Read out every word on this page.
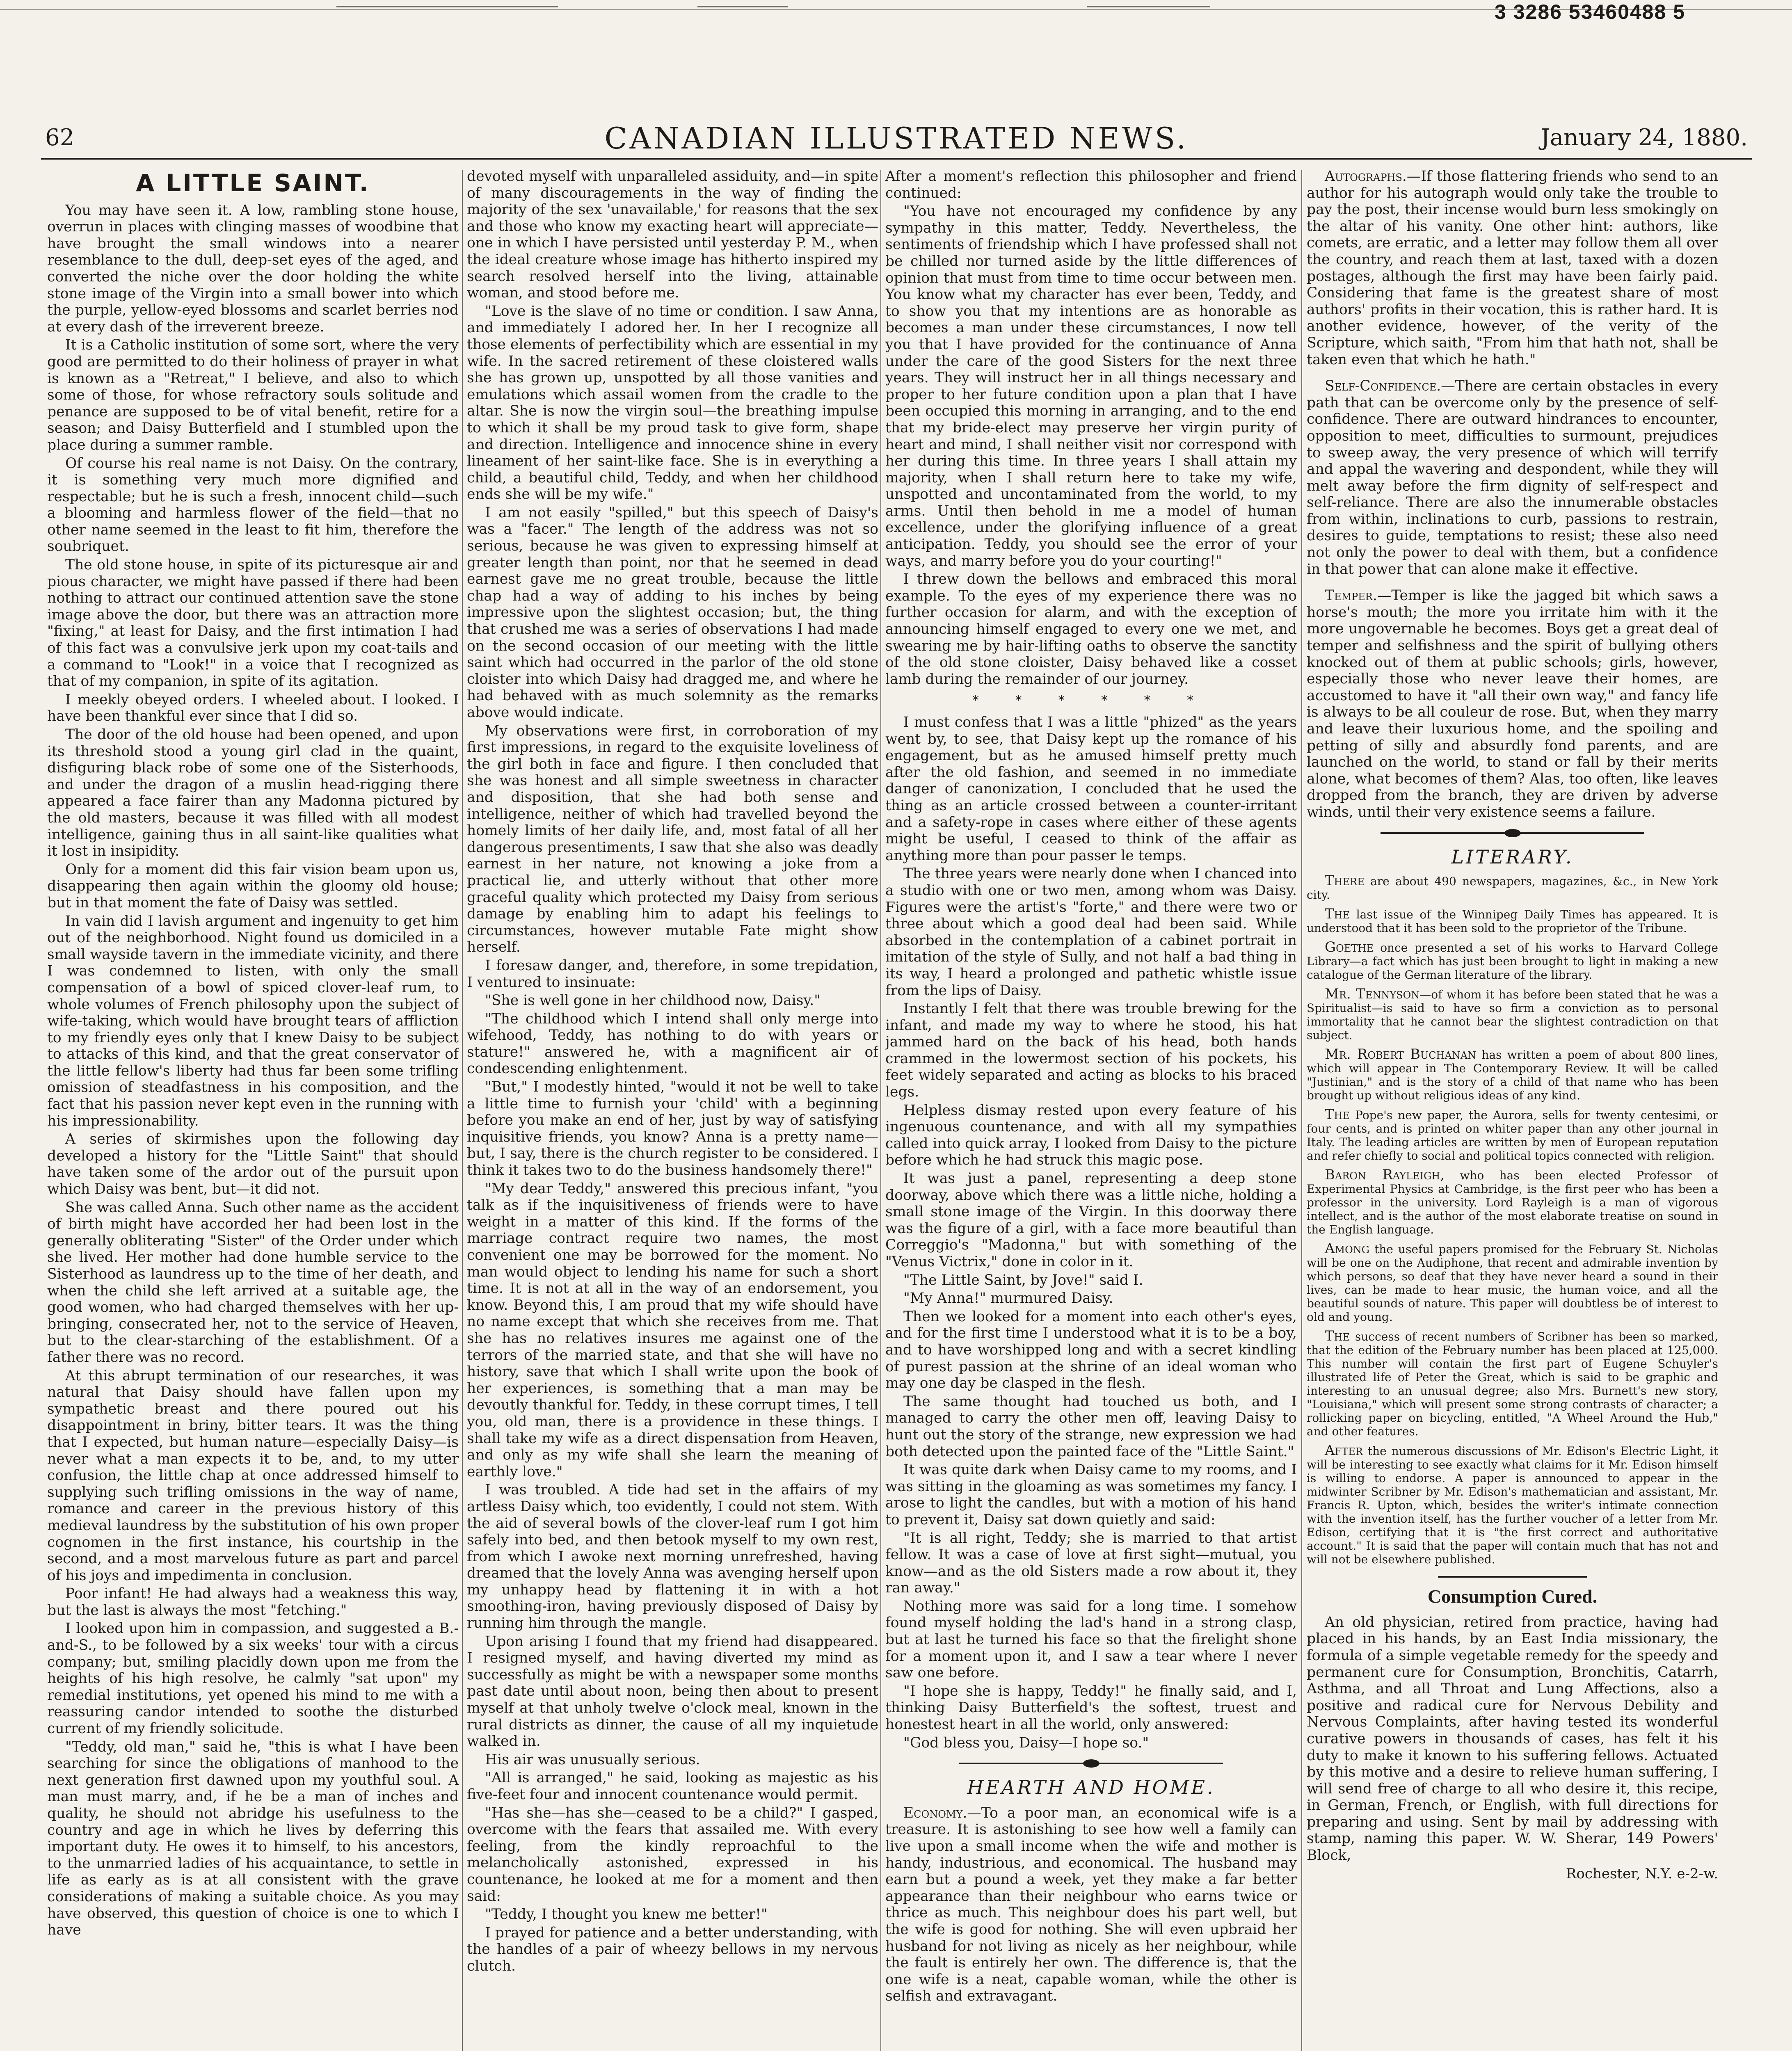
3 3286 53460488 5
CANADIAN ILLUSTRATED NEWS.
62	January 24, 1880.
A LITTLE SAINT.

You may have seen it. A low, rambling stone house, overrun in places with clinging masses of woodbine that have brought the small windows into a nearer resemblance to the dull, deep-set eyes of the aged, and converted the niche over the door holding the white stone image of the Virgin into a small bower into which the purple, yellow-eyed blossoms and scarlet berries nod at every dash of the irreverent breeze.

It is a Catholic institution of some sort, where the very good are permitted to do their holiness of prayer in what is known as a "Retreat," I believe, and also to which some of those, for whose refractory souls solitude and penance are supposed to be of vital benefit, retire for a season; and Daisy Butterfield and I stumbled upon the place during a summer ramble.

Of course his real name is not Daisy. On the contrary, it is something very much more dignified and respectable; but he is such a fresh, innocent child—such a blooming and harmless flower of the field—that no other name seemed in the least to fit him, therefore the soubriquet.

The old stone house, in spite of its picturesque air and pious character, we might have passed if there had been nothing to attract our continued attention save the stone image above the door, but there was an attraction more "fixing," at least for Daisy, and the first intimation I had of this fact was a convulsive jerk upon my coat-tails and a command to "Look!" in a voice that I recognized as that of my companion, in spite of its agitation.

I meekly obeyed orders. I wheeled about. I looked. I have been thankful ever since that I did so.

The door of the old house had been opened, and upon its threshold stood a young girl clad in the quaint, disfiguring black robe of some one of the Sisterhoods, and under the dragon of a muslin head-rigging there appeared a face fairer than any Madonna pictured by the old masters, because it was filled with all modest intelligence, gaining thus in all saint-like qualities what it lost in insipidity.

Only for a moment did this fair vision beam upon us, disappearing then again within the gloomy old house; but in that moment the fate of Daisy was settled.

In vain did I lavish argument and ingenuity to get him out of the neighborhood. Night found us domiciled in a small wayside tavern in the immediate vicinity, and there I was condemned to listen, with only the small compensation of a bowl of spiced clover-leaf rum, to whole volumes of French philosophy upon the subject of wife-taking, which would have brought tears of affliction to my friendly eyes only that I knew Daisy to be subject to attacks of this kind, and that the great conservator of the little fellow's liberty had thus far been some trifling omission of steadfastness in his composition, and the fact that his passion never kept even in the running with his impressionability.

A series of skirmishes upon the following day developed a history for the "Little Saint" that should have taken some of the ardor out of the pursuit upon which Daisy was bent, but—it did not.

She was called Anna. Such other name as the accident of birth might have accorded her had been lost in the generally obliterating "Sister" of the Order under which she lived. Her mother had done humble service to the Sisterhood as laundress up to the time of her death, and when the child she left arrived at a suitable age, the good women, who had charged themselves with her up-bringing, consecrated her, not to the service of Heaven, but to the clear-starching of the establishment. Of a father there was no record.

At this abrupt termination of our researches, it was natural that Daisy should have fallen upon my sympathetic breast and there poured out his disappointment in briny, bitter tears. It was the thing that I expected, but human nature—especially Daisy—is never what a man expects it to be, and, to my utter confusion, the little chap at once addressed himself to supplying such trifling omissions in the way of name, romance and career in the previous history of this medieval laundress by the substitution of his own proper cognomen in the first instance, his courtship in the second, and a most marvelous future as part and parcel of his joys and impedimenta in conclusion.

Poor infant! He had always had a weakness this way, but the last is always the most "fetching."

I looked upon him in compassion, and suggested a B.-and-S., to be followed by a six weeks' tour with a circus company; but, smiling placidly down upon me from the heights of his high resolve, he calmly "sat upon" my remedial institutions, yet opened his mind to me with a reassuring candor intended to soothe the disturbed current of my friendly solicitude.

"Teddy, old man," said he, "this is what I have been searching for since the obligations of manhood to the next generation first dawned upon my youthful soul. A man must marry, and, if he be a man of inches and quality, he should not abridge his usefulness to the country and age in which he lives by deferring this important duty. He owes it to himself, to his ancestors, to the unmarried ladies of his acquaintance, to settle in life as early as is at all consistent with the grave considerations of making a suitable choice. As you may have observed, this question of choice is one to which I have

devoted myself with unparalleled assiduity, and—in spite of many discouragements in the way of finding the majority of the sex 'unavailable,' for reasons that the sex and those who know my exacting heart will appreciate—one in which I have persisted until yesterday P. M., when the ideal creature whose image has hitherto inspired my search resolved herself into the living, attainable woman, and stood before me.

"Love is the slave of no time or condition. I saw Anna, and immediately I adored her. In her I recognize all those elements of perfectibility which are essential in my wife. In the sacred retirement of these cloistered walls she has grown up, unspotted by all those vanities and emulations which assail women from the cradle to the altar. She is now the virgin soul—the breathing impulse to which it shall be my proud task to give form, shape and direction. Intelligence and innocence shine in every lineament of her saint-like face. She is in everything a child, a beautiful child, Teddy, and when her childhood ends she will be my wife."

I am not easily "spilled," but this speech of Daisy's was a "facer." The length of the address was not so serious, because he was given to expressing himself at greater length than point, nor that he seemed in dead earnest gave me no great trouble, because the little chap had a way of adding to his inches by being impressive upon the slightest occasion; but, the thing that crushed me was a series of observations I had made on the second occasion of our meeting with the little saint which had occurred in the parlor of the old stone cloister into which Daisy had dragged me, and where he had behaved with as much solemnity as the remarks above would indicate.

My observations were first, in corroboration of my first impressions, in regard to the exquisite loveliness of the girl both in face and figure. I then concluded that she was honest and all simple sweetness in character and disposition, that she had both sense and intelligence, neither of which had travelled beyond the homely limits of her daily life, and, most fatal of all her dangerous presentiments, I saw that she also was deadly earnest in her nature, not knowing a joke from a practical lie, and utterly without that other more graceful quality which protected my Daisy from serious damage by enabling him to adapt his feelings to circumstances, however mutable Fate might show herself.

I foresaw danger, and, therefore, in some trepidation, I ventured to insinuate:

"She is well gone in her childhood now, Daisy."

"The childhood which I intend shall only merge into wifehood, Teddy, has nothing to do with years or stature!" answered he, with a magnificent air of condescending enlightenment.

"But," I modestly hinted, "would it not be well to take a little time to furnish your 'child' with a beginning before you make an end of her, just by way of satisfying inquisitive friends, you know? Anna is a pretty name—but, I say, there is the church register to be considered. I think it takes two to do the business handsomely there!"

"My dear Teddy," answered this precious infant, "you talk as if the inquisitiveness of friends were to have weight in a matter of this kind. If the forms of the marriage contract require two names, the most convenient one may be borrowed for the moment. No man would object to lending his name for such a short time. It is not at all in the way of an endorsement, you know. Beyond this, I am proud that my wife should have no name except that which she receives from me. That she has no relatives insures me against one of the terrors of the married state, and that she will have no history, save that which I shall write upon the book of her experiences, is something that a man may be devoutly thankful for. Teddy, in these corrupt times, I tell you, old man, there is a providence in these things. I shall take my wife as a direct dispensation from Heaven, and only as my wife shall she learn the meaning of earthly love."

I was troubled. A tide had set in the affairs of my artless Daisy which, too evidently, I could not stem. With the aid of several bowls of the clover-leaf rum I got him safely into bed, and then betook myself to my own rest, from which I awoke next morning unrefreshed, having dreamed that the lovely Anna was avenging herself upon my unhappy head by flattening it in with a hot smoothing-iron, having previously disposed of Daisy by running him through the mangle.

Upon arising I found that my friend had disappeared. I resigned myself, and having diverted my mind as successfully as might be with a newspaper some months past date until about noon, being then about to present myself at that unholy twelve o'clock meal, known in the rural districts as dinner, the cause of all my inquietude walked in.

His air was unusually serious.

"All is arranged," he said, looking as majestic as his five-feet four and innocent countenance would permit.

"Has she—has she—ceased to be a child?" I gasped, overcome with the fears that assailed me. With every feeling, from the kindly reproachful to the melancholically astonished, expressed in his countenance, he looked at me for a moment and then said:

"Teddy, I thought you knew me better!"

I prayed for patience and a better understanding, with the handles of a pair of wheezy bellows in my nervous clutch.

After a moment's reflection this philosopher and friend continued:

"You have not encouraged my confidence by any sympathy in this matter, Teddy. Nevertheless, the sentiments of friendship which I have professed shall not be chilled nor turned aside by the little differences of opinion that must from time to time occur between men. You know what my character has ever been, Teddy, and to show you that my intentions are as honorable as becomes a man under these circumstances, I now tell you that I have provided for the continuance of Anna under the care of the good Sisters for the next three years. They will instruct her in all things necessary and proper to her future condition upon a plan that I have been occupied this morning in arranging, and to the end that my bride-elect may preserve her virgin purity of heart and mind, I shall neither visit nor correspond with her during this time. In three years I shall attain my majority, when I shall return here to take my wife, unspotted and uncontaminated from the world, to my arms. Until then behold in me a model of human excellence, under the glorifying influence of a great anticipation. Teddy, you should see the error of your ways, and marry before you do your courting!"

I threw down the bellows and embraced this moral example. To the eyes of my experience there was no further occasion for alarm, and with the exception of announcing himself engaged to every one we met, and swearing me by hair-lifting oaths to observe the sanctity of the old stone cloister, Daisy behaved like a cosset lamb during the remainder of our journey.

* * * * * *

I must confess that I was a little "phized" as the years went by, to see, that Daisy kept up the romance of his engagement, but as he amused himself pretty much after the old fashion, and seemed in no immediate danger of canonization, I concluded that he used the thing as an article crossed between a counter-irritant and a safety-rope in cases where either of these agents might be useful, I ceased to think of the affair as anything more than pour passer le temps.

The three years were nearly done when I chanced into a studio with one or two men, among whom was Daisy. Figures were the artist's "forte," and there were two or three about which a good deal had been said. While absorbed in the contemplation of a cabinet portrait in imitation of the style of Sully, and not half a bad thing in its way, I heard a prolonged and pathetic whistle issue from the lips of Daisy.

Instantly I felt that there was trouble brewing for the infant, and made my way to where he stood, his hat jammed hard on the back of his head, both hands crammed in the lowermost section of his pockets, his feet widely separated and acting as blocks to his braced legs.

Helpless dismay rested upon every feature of his ingenuous countenance, and with all my sympathies called into quick array, I looked from Daisy to the picture before which he had struck this magic pose.

It was just a panel, representing a deep stone doorway, above which there was a little niche, holding a small stone image of the Virgin. In this doorway there was the figure of a girl, with a face more beautiful than Correggio's "Madonna," but with something of the "Venus Victrix," done in color in it.

"The Little Saint, by Jove!" said I.

"My Anna!" murmured Daisy.

Then we looked for a moment into each other's eyes, and for the first time I understood what it is to be a boy, and to have worshipped long and with a secret kindling of purest passion at the shrine of an ideal woman who may one day be clasped in the flesh.

The same thought had touched us both, and I managed to carry the other men off, leaving Daisy to hunt out the story of the strange, new expression we had both detected upon the painted face of the "Little Saint."

It was quite dark when Daisy came to my rooms, and I was sitting in the gloaming as was sometimes my fancy. I arose to light the candles, but with a motion of his hand to prevent it, Daisy sat down quietly and said:

"It is all right, Teddy; she is married to that artist fellow. It was a case of love at first sight—mutual, you know—and as the old Sisters made a row about it, they ran away."

Nothing more was said for a long time. I somehow found myself holding the lad's hand in a strong clasp, but at last he turned his face so that the firelight shone for a moment upon it, and I saw a tear where I never saw one before.

"I hope she is happy, Teddy!" he finally said, and I, thinking Daisy Butterfield's the softest, truest and honestest heart in all the world, only answered:

"God bless you, Daisy—I hope so."

HEARTH AND HOME.

Economy.—To a poor man, an economical wife is a treasure. It is astonishing to see how well a family can live upon a small income when the wife and mother is handy, industrious, and economical. The husband may earn but a pound a week, yet they make a far better appearance than their neighbour who earns twice or thrice as much. This neighbour does his part well, but the wife is good for nothing. She will even upbraid her husband for not living as nicely as her neighbour, while the fault is entirely her own. The difference is, that the one wife is a neat, capable woman, while the other is selfish and extravagant.

Autographs.—If those flattering friends who send to an author for his autograph would only take the trouble to pay the post, their incense would burn less smokingly on the altar of his vanity. One other hint: authors, like comets, are erratic, and a letter may follow them all over the country, and reach them at last, taxed with a dozen postages, although the first may have been fairly paid. Considering that fame is the greatest share of most authors' profits in their vocation, this is rather hard. It is another evidence, however, of the verity of the Scripture, which saith, "From him that hath not, shall be taken even that which he hath."

Self-Confidence.—There are certain obstacles in every path that can be overcome only by the presence of self-confidence. There are outward hindrances to encounter, opposition to meet, difficulties to surmount, prejudices to sweep away, the very presence of which will terrify and appal the wavering and despondent, while they will melt away before the firm dignity of self-respect and self-reliance. There are also the innumerable obstacles from within, inclinations to curb, passions to restrain, desires to guide, temptations to resist; these also need not only the power to deal with them, but a confidence in that power that can alone make it effective.

Temper.—Temper is like the jagged bit which saws a horse's mouth; the more you irritate him with it the more ungovernable he becomes. Boys get a great deal of temper and selfishness and the spirit of bullying others knocked out of them at public schools; girls, however, especially those who never leave their homes, are accustomed to have it "all their own way," and fancy life is always to be all couleur de rose. But, when they marry and leave their luxurious home, and the spoiling and petting of silly and absurdly fond parents, and are launched on the world, to stand or fall by their merits alone, what becomes of them? Alas, too often, like leaves dropped from the branch, they are driven by adverse winds, until their very existence seems a failure.

LITERARY.

There are about 490 newspapers, magazines, &c., in New York city.

The last issue of the Winnipeg Daily Times has appeared. It is understood that it has been sold to the proprietor of the Tribune.

Goethe once presented a set of his works to Harvard College Library—a fact which has just been brought to light in making a new catalogue of the German literature of the library.

Mr. Tennyson—of whom it has before been stated that he was a Spiritualist—is said to have so firm a conviction as to personal immortality that he cannot bear the slightest contradiction on that subject.

Mr. Robert Buchanan has written a poem of about 800 lines, which will appear in The Contemporary Review. It will be called "Justinian," and is the story of a child of that name who has been brought up without religious ideas of any kind.

The Pope's new paper, the Aurora, sells for twenty centesimi, or four cents, and is printed on whiter paper than any other journal in Italy. The leading articles are written by men of European reputation and refer chiefly to social and political topics connected with religion.

Baron Rayleigh, who has been elected Professor of Experimental Physics at Cambridge, is the first peer who has been a professor in the university. Lord Rayleigh is a man of vigorous intellect, and is the author of the most elaborate treatise on sound in the English language.

Among the useful papers promised for the February St. Nicholas will be one on the Audiphone, that recent and admirable invention by which persons, so deaf that they have never heard a sound in their lives, can be made to hear music, the human voice, and all the beautiful sounds of nature. This paper will doubtless be of interest to old and young.

The success of recent numbers of Scribner has been so marked, that the edition of the February number has been placed at 125,000. This number will contain the first part of Eugene Schuyler's illustrated life of Peter the Great, which is said to be graphic and interesting to an unusual degree; also Mrs. Burnett's new story, "Louisiana," which will present some strong contrasts of character; a rollicking paper on bicycling, entitled, "A Wheel Around the Hub," and other features.

After the numerous discussions of Mr. Edison's Electric Light, it will be interesting to see exactly what claims for it Mr. Edison himself is willing to endorse. A paper is announced to appear in the midwinter Scribner by Mr. Edison's mathematician and assistant, Mr. Francis R. Upton, which, besides the writer's intimate connection with the invention itself, has the further voucher of a letter from Mr. Edison, certifying that it is "the first correct and authoritative account." It is said that the paper will contain much that has not and will not be elsewhere published.

Consumption Cured.

An old physician, retired from practice, having had placed in his hands, by an East India missionary, the formula of a simple vegetable remedy for the speedy and permanent cure for Consumption, Bronchitis, Catarrh, Asthma, and all Throat and Lung Affections, also a positive and radical cure for Nervous Debility and Nervous Complaints, after having tested its wonderful curative powers in thousands of cases, has felt it his duty to make it known to his suffering fellows. Actuated by this motive and a desire to relieve human suffering, I will send free of charge to all who desire it, this recipe, in German, French, or English, with full directions for preparing and using. Sent by mail by addressing with stamp, naming this paper. W. W. Sherar, 149 Powers' Block,

Rochester, N.Y. e-2-w.
